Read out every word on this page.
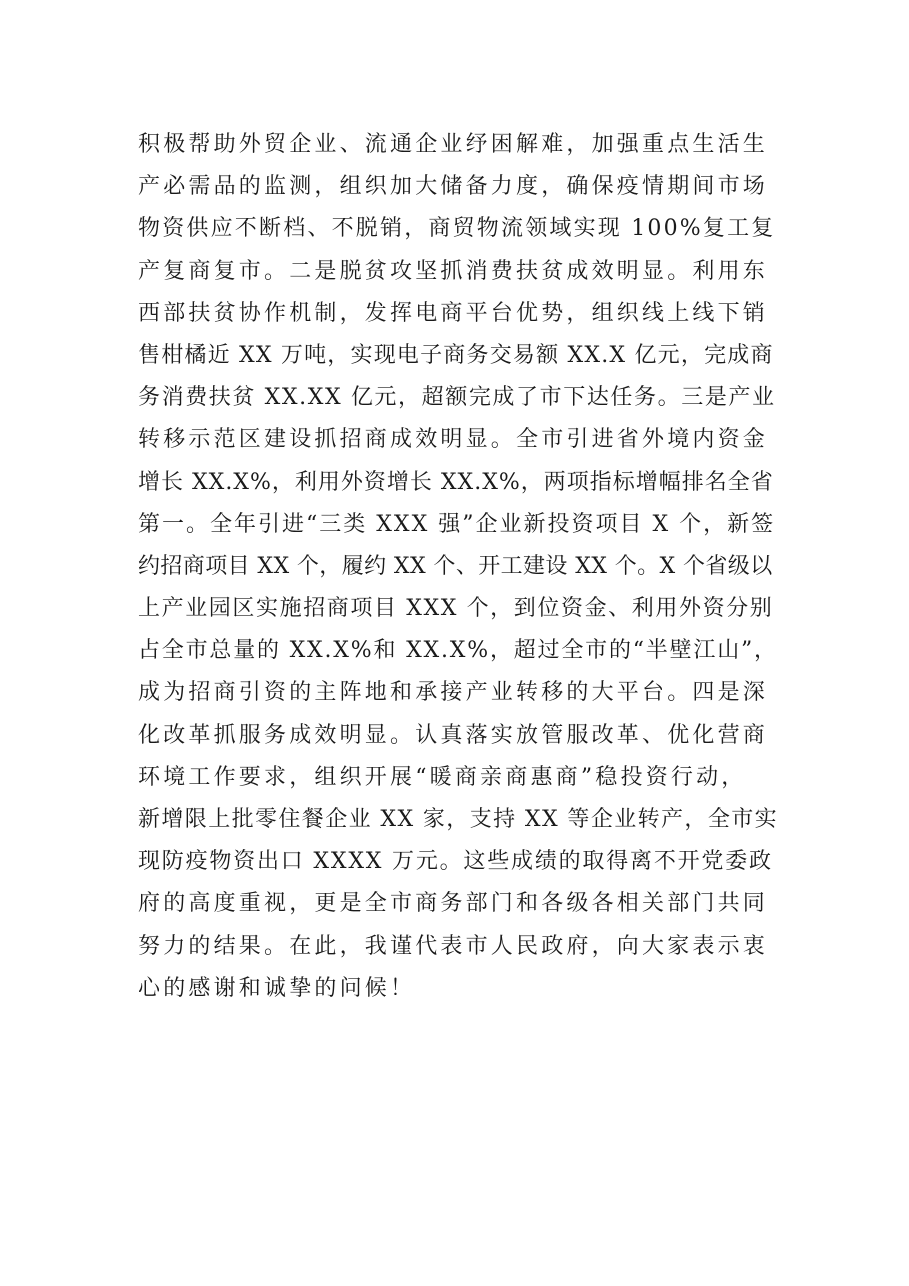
积极帮助外贸企业、流通企业纾困解难，加强重点生活生
产必需品的监测，组织加大储备力度，确保疫情期间市场
物资供应不断档、不脱销，商贸物流领域实现 100%复工复
产复商复市。二是脱贫攻坚抓消费扶贫成效明显。利用东
西部扶贫协作机制，发挥电商平台优势，组织线上线下销
售柑橘近 XX 万吨，实现电子商务交易额 XX.X 亿元，完成商
务消费扶贫 XX.XX 亿元，超额完成了市下达任务。三是产业
转移示范区建设抓招商成效明显。全市引进省外境内资金
增长 XX.X%，利用外资增长 XX.X%，两项指标增幅排名全省
第一。全年引进“三类 XXX 强”企业新投资项目 X 个，新签
约招商项目 XX 个，履约 XX 个、开工建设 XX 个。X 个省级以
上产业园区实施招商项目 XXX 个，到位资金、利用外资分别
占全市总量的 XX.X%和 XX.X%，超过全市的“半壁江山”，
成为招商引资的主阵地和承接产业转移的大平台。四是深
化改革抓服务成效明显。认真落实放管服改革、优化营商
环境工作要求，组织开展“暖商亲商惠商”稳投资行动，
新增限上批零住餐企业 XX 家，支持 XX 等企业转产，全市实
现防疫物资出口 XXXX 万元。这些成绩的取得离不开党委政
府的高度重视，更是全市商务部门和各级各相关部门共同
努力的结果。在此，我谨代表市人民政府，向大家表示衷
心的感谢和诚挚的问候！
